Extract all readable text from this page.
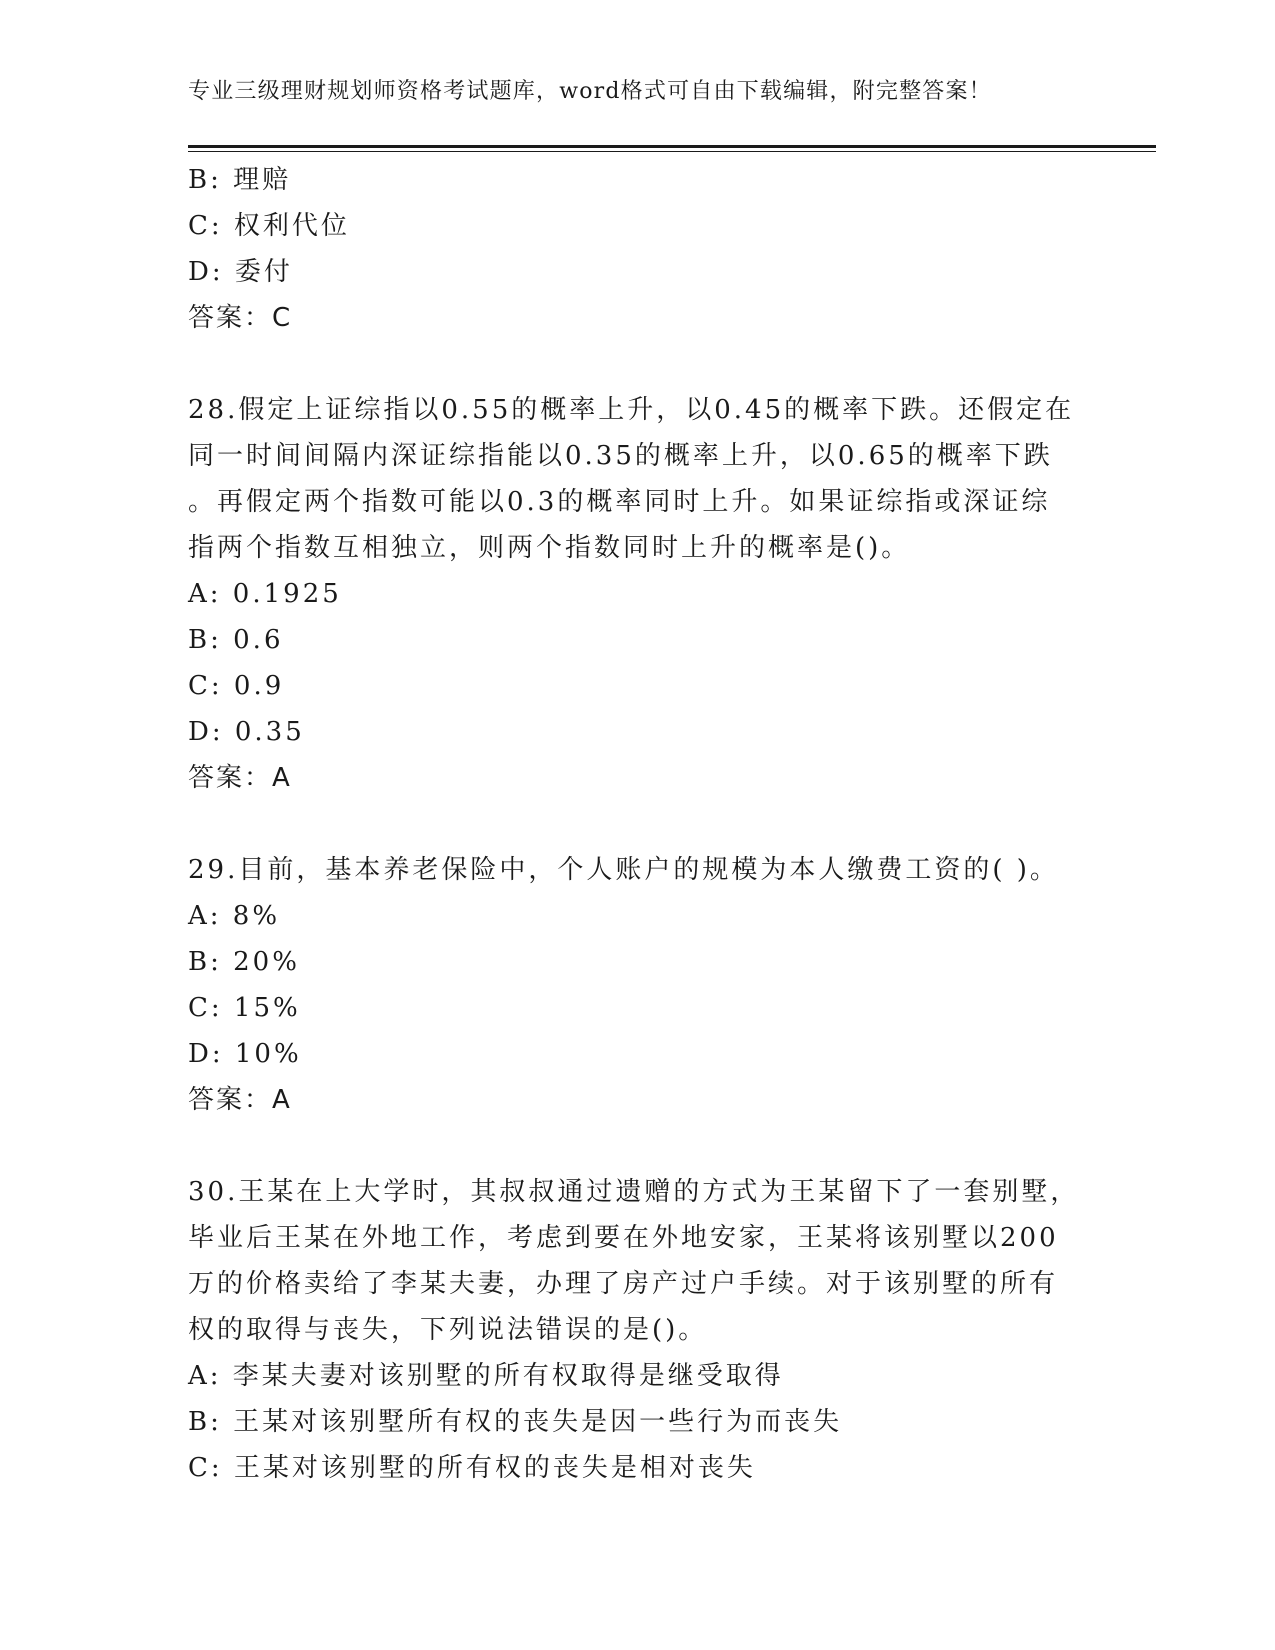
专业三级理财规划师资格考试题库，word格式可自由下载编辑，附完整答案！
B: 理赔
C: 权利代位
D: 委付
答案：C
28.假定上证综指以0.55的概率上升，以0.45的概率下跌。还假定在
同一时间间隔内深证综指能以0.35的概率上升，以0.65的概率下跌
。再假定两个指数可能以0.3的概率同时上升。如果证综指或深证综
指两个指数互相独立，则两个指数同时上升的概率是()。
A: 0.1925
B: 0.6
C: 0.9
D: 0.35
答案：A
29.目前，基本养老保险中，个人账户的规模为本人缴费工资的( )。
A: 8%
B: 20%
C: 15%
D: 10%
答案：A
30.王某在上大学时，其叔叔通过遗赠的方式为王某留下了一套别墅，
毕业后王某在外地工作，考虑到要在外地安家，王某将该别墅以200
万的价格卖给了李某夫妻，办理了房产过户手续。对于该别墅的所有
权的取得与丧失，下列说法错误的是()。
A: 李某夫妻对该别墅的所有权取得是继受取得
B: 王某对该别墅所有权的丧失是因一些行为而丧失
C: 王某对该别墅的所有权的丧失是相对丧失
